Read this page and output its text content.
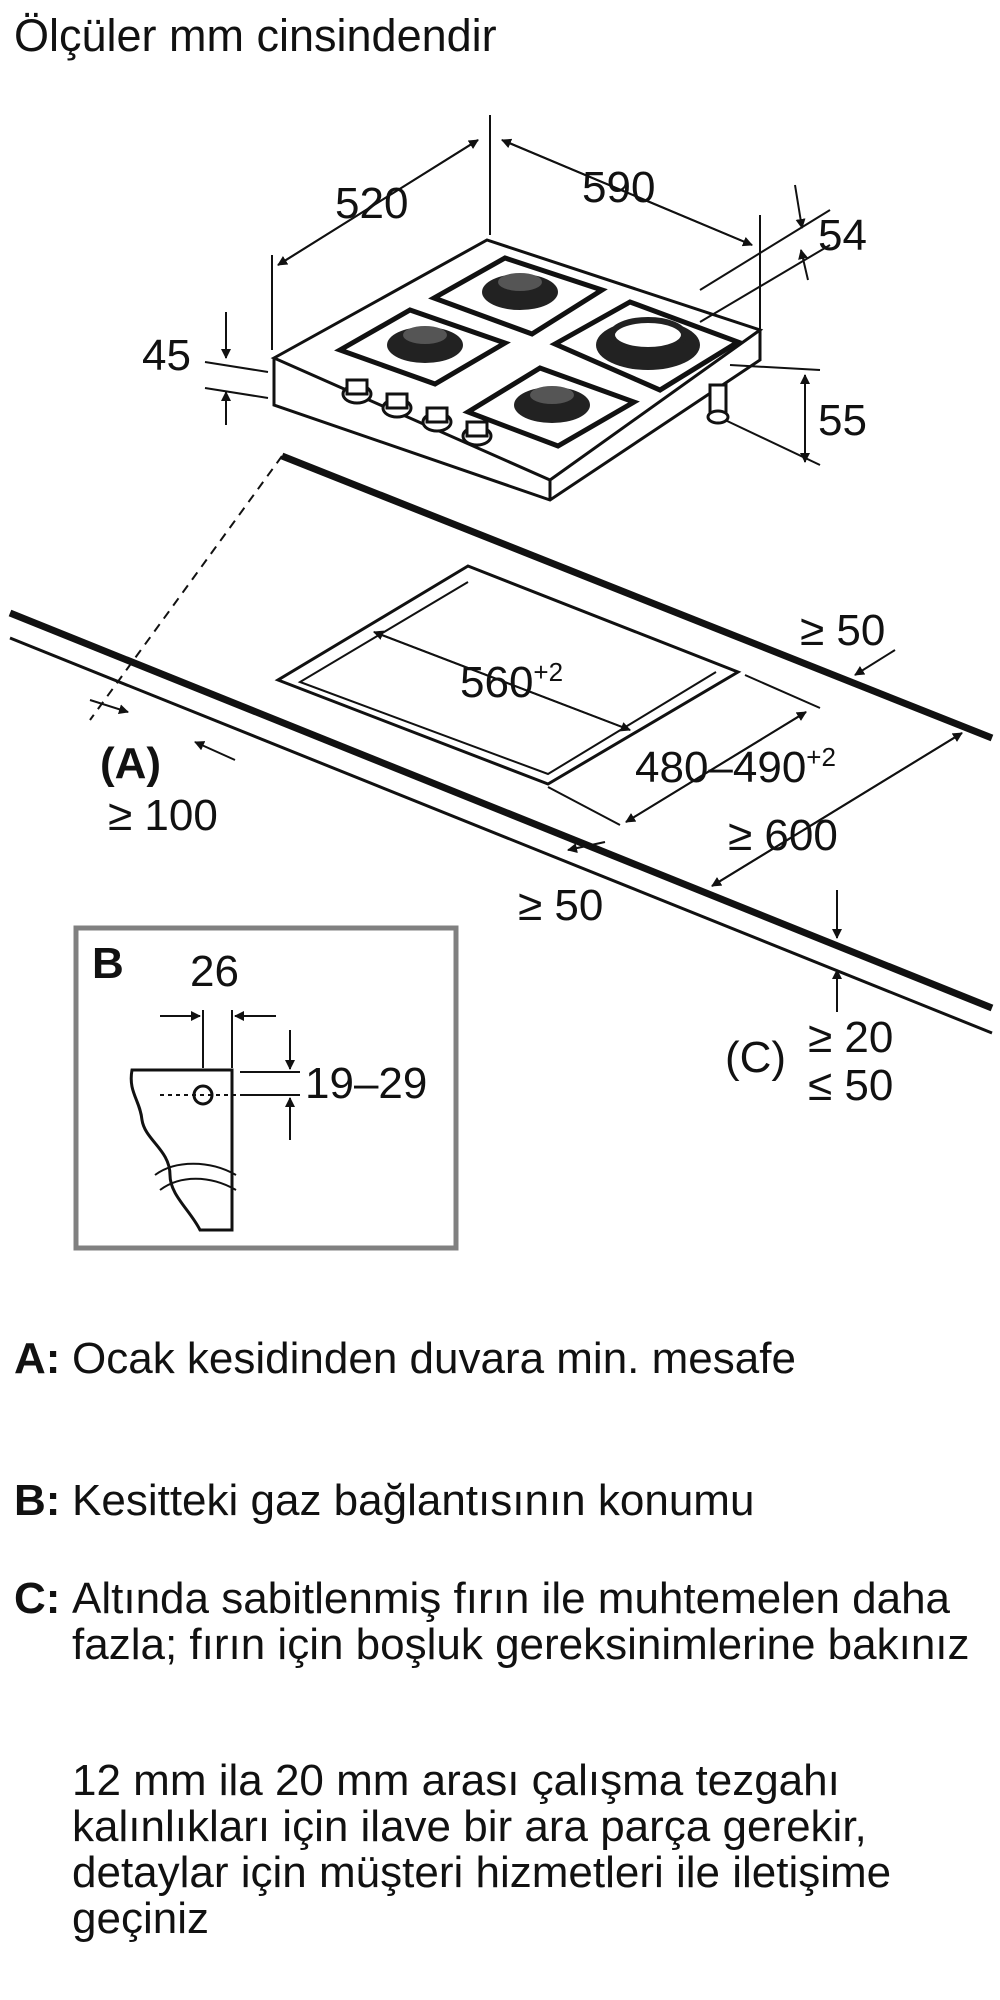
Ölçüler mm cinsindendir
520	590
54
45
55
$560^{+2}$
$480-490^{+2}$
≥ 50
(A)
≥ 100	≥ 600
≥ 50
(C) ≥ 20
≤ 50
B 26
19–29
A: Ocak kesidinden duvara min. mesafe
B: Kesitteki gaz bağlantısının konumu
C: Altında sabitlenmiş fırın ile muhtemelen daha fazla; fırın için boşluk gereksinimlerine bakınız
12 mm ila 20 mm arası çalışma tezgahı kalınlıkları için ilave bir ara parça gerekir, detaylar için müşteri hizmetleri ile iletişime geçiniz
